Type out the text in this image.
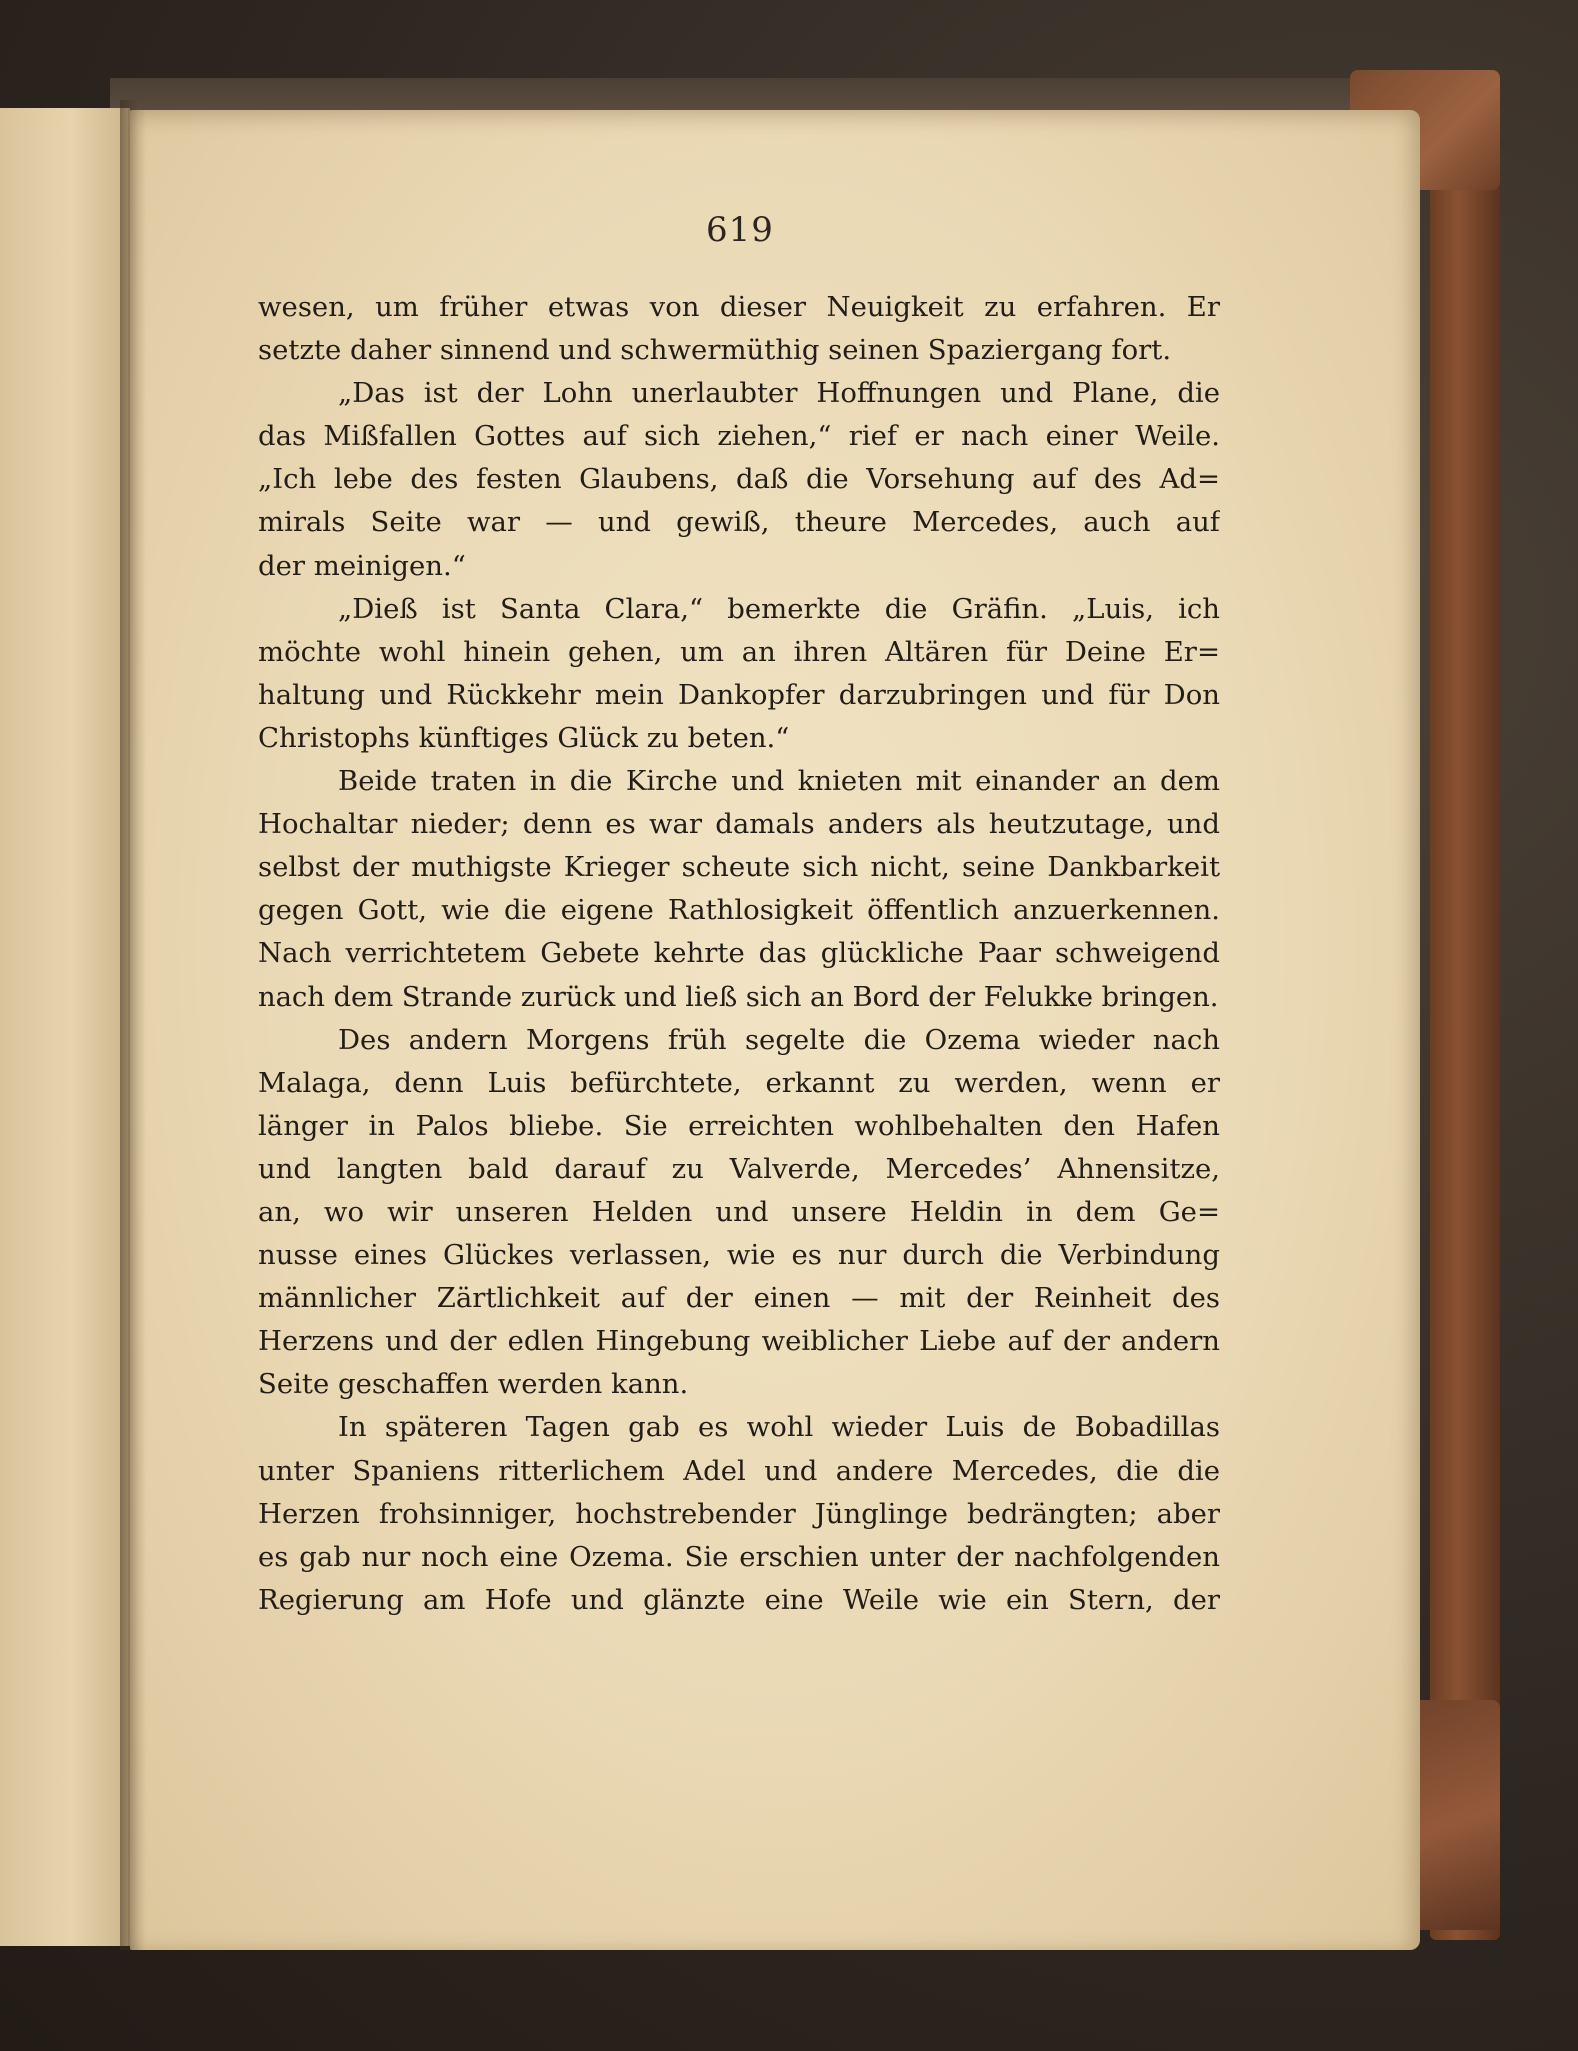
619
wesen, um früher etwas von dieser Neuigkeit zu erfahren. Er
setzte daher sinnend und schwermüthig seinen Spaziergang fort.
„Das ist der Lohn unerlaubter Hoffnungen und Plane, die
das Mißfallen Gottes auf sich ziehen,“ rief er nach einer Weile.
„Ich lebe des festen Glaubens, daß die Vorsehung auf des Ad=
mirals Seite war — und gewiß, theure Mercedes, auch auf
der meinigen.“
„Dieß ist Santa Clara,“ bemerkte die Gräfin. „Luis, ich
möchte wohl hinein gehen, um an ihren Altären für Deine Er=
haltung und Rückkehr mein Dankopfer darzubringen und für Don
Christophs künftiges Glück zu beten.“
Beide traten in die Kirche und knieten mit einander an dem
Hochaltar nieder; denn es war damals anders als heutzutage, und
selbst der muthigste Krieger scheute sich nicht, seine Dankbarkeit
gegen Gott, wie die eigene Rathlosigkeit öffentlich anzuerkennen.
Nach verrichtetem Gebete kehrte das glückliche Paar schweigend
nach dem Strande zurück und ließ sich an Bord der Felukke bringen.
Des andern Morgens früh segelte die Ozema wieder nach
Malaga, denn Luis befürchtete, erkannt zu werden, wenn er
länger in Palos bliebe. Sie erreichten wohlbehalten den Hafen
und langten bald darauf zu Valverde, Mercedes’ Ahnensitze,
an, wo wir unseren Helden und unsere Heldin in dem Ge=
nusse eines Glückes verlassen, wie es nur durch die Verbindung
männlicher Zärtlichkeit auf der einen — mit der Reinheit des
Herzens und der edlen Hingebung weiblicher Liebe auf der andern
Seite geschaffen werden kann.
In späteren Tagen gab es wohl wieder Luis de Bobadillas
unter Spaniens ritterlichem Adel und andere Mercedes, die die
Herzen frohsinniger, hochstrebender Jünglinge bedrängten; aber
es gab nur noch eine Ozema. Sie erschien unter der nachfolgenden
Regierung am Hofe und glänzte eine Weile wie ein Stern, der
